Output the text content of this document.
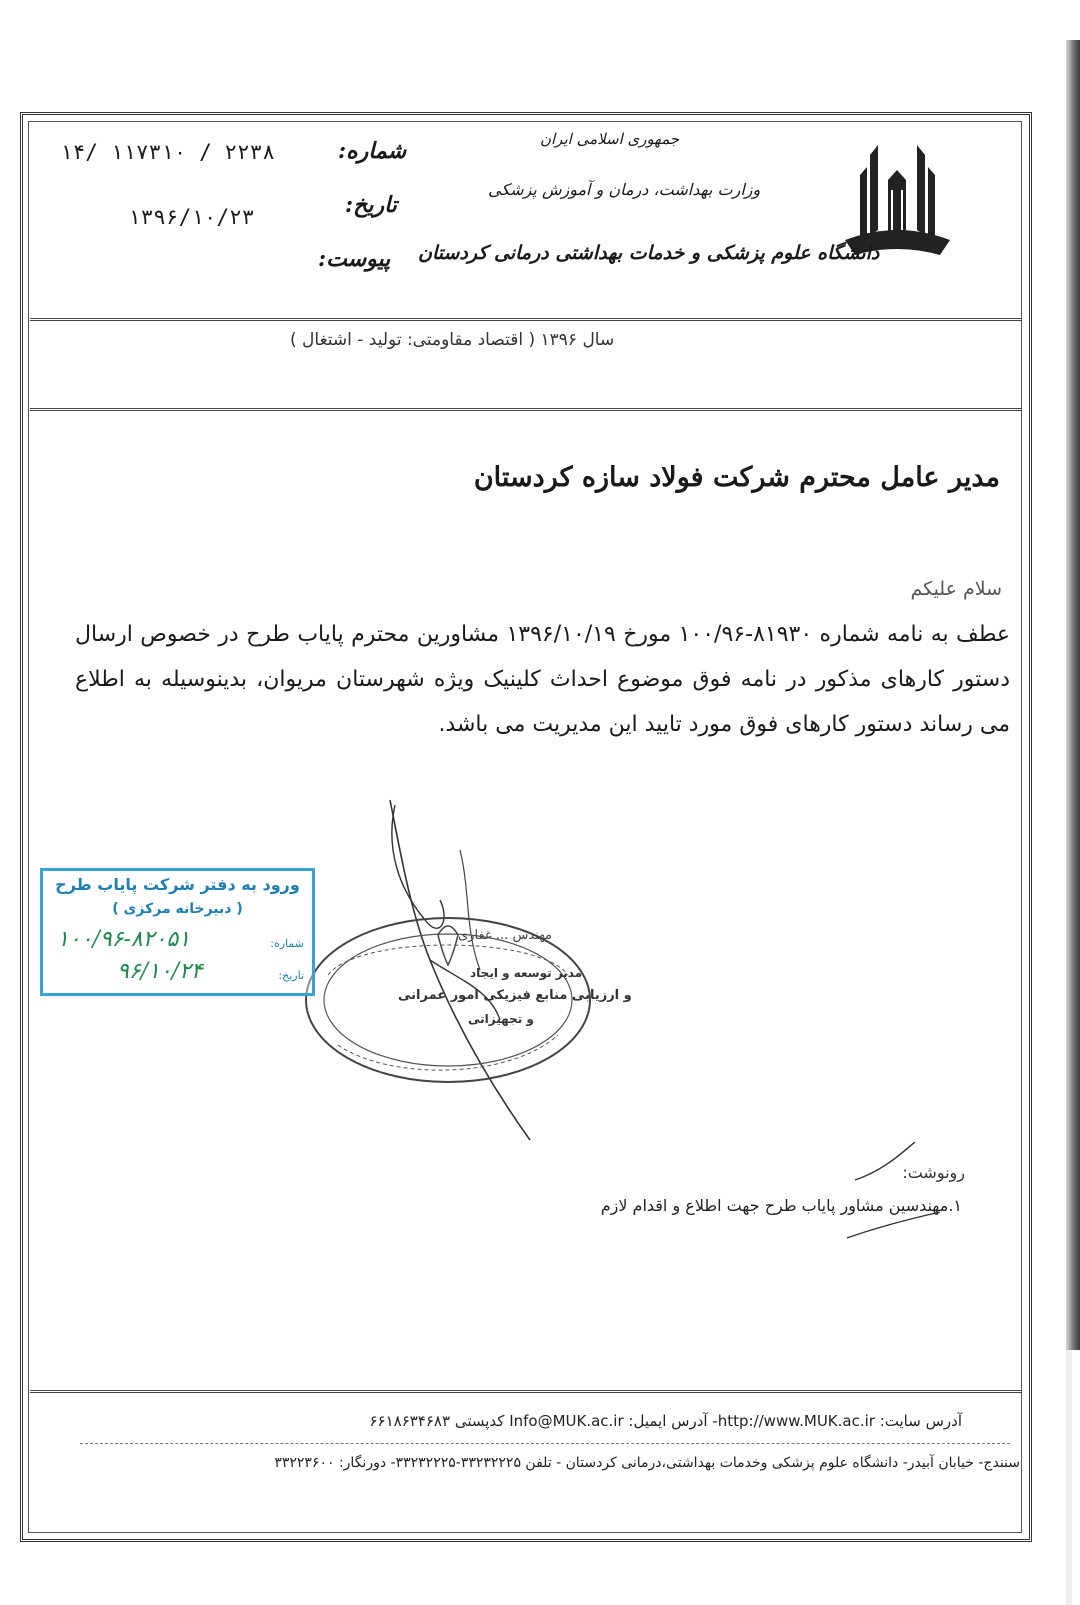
جمهوری اسلامی ایران
وزارت بهداشت، درمان و آموزش پزشکی
دانشگاه علوم پزشکی و خدمات بهداشتی درمانی کردستان
شماره:
۱۴/ ۱۱۷۳۱۰ / ۲۲۳۸
تاریخ:
۱۳۹۶/۱۰/۲۳
پیوست:
سال ۱۳۹۶ ( اقتصاد مقاومتی: تولید - اشتغال )
مدیر عامل محترم شرکت فولاد سازه کردستان
سلام علیکم
عطف به نامه شماره ۸۱۹۳۰-۱۰۰/۹۶ مورخ ۱۳۹۶/۱۰/۱۹ مشاورین محترم پایاب طرح در خصوص ارسال دستور کارهای مذکور در نامه فوق موضوع احداث کلینیک ویژه شهرستان مریوان، بدینوسیله به اطلاع می رساند دستور کارهای فوق مورد تایید این مدیریت می باشد.
مهندس ... غفاری
مدیر توسعه و ایجاد
و ارزیابی منابع فیزیکی امور عمرانی
و تجهیزاتی
ورود به دفتر شرکت پایاب طرح
( دبیرخانه مرکزی )
شماره:
۱۰۰/۹۶-۸۲۰۵۱
تاریخ:
۹۶/۱۰/۲۴
رونوشت:
۱.مهندسین مشاور پایاب طرح جهت اطلاع و اقدام لازم
آدرس سایت: http://www.MUK.ac.ir- آدرس ایمیل: Info@MUK.ac.ir کدپستی ۶۶۱۸۶۳۴۶۸۳
سنندج- خیابان آبیدر- دانشگاه علوم پزشکی وخدمات بهداشتی،درمانی کردستان - تلفن ۳۳۲۳۲۲۲۵-۳۳۲۳۲۲۲۵- دورنگار: ۳۳۲۲۳۶۰۰
